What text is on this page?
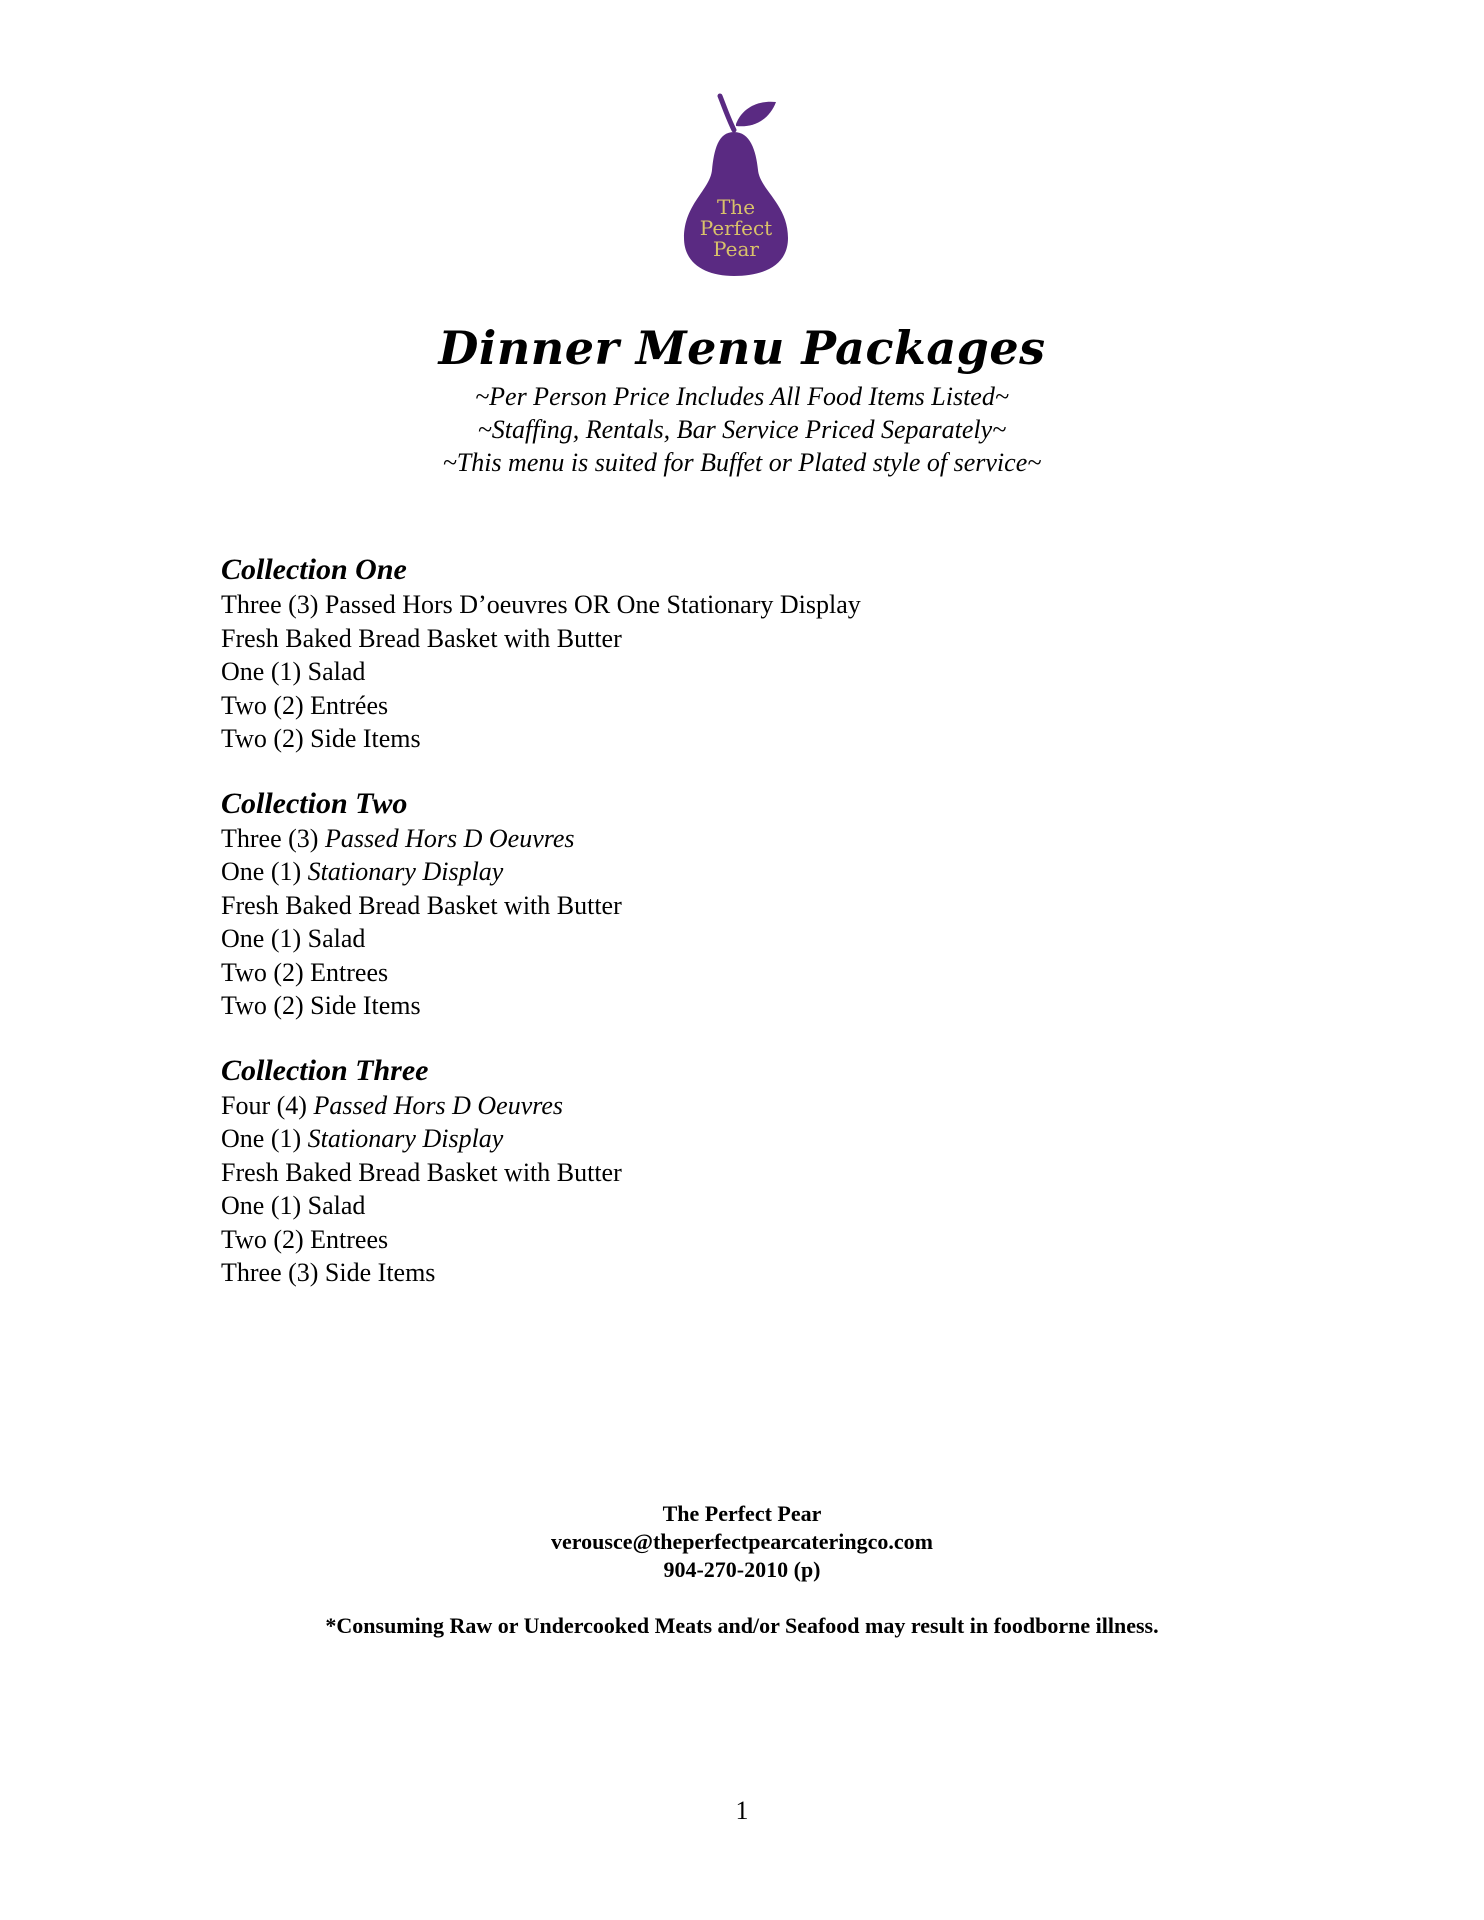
The
Perfect
Pear
Dinner Menu Packages
~Per Person Price Includes All Food Items Listed~
~Staffing, Rentals, Bar Service Priced Separately~
~This menu is suited for Buffet or Plated style of service~
Collection One
Three (3) Passed Hors D’oeuvres OR One Stationary Display
Fresh Baked Bread Basket with Butter
One (1) Salad
Two (2) Entrées
Two (2) Side Items
Collection Two
Three (3) Passed Hors D Oeuvres
One (1) Stationary Display
Fresh Baked Bread Basket with Butter
One (1) Salad
Two (2) Entrees
Two (2) Side Items
Collection Three
Four (4) Passed Hors D Oeuvres
One (1) Stationary Display
Fresh Baked Bread Basket with Butter
One (1) Salad
Two (2) Entrees
Three (3) Side Items
The Perfect Pear
verousce@theperfectpearcateringco.com
904-270-2010 (p)
*Consuming Raw or Undercooked Meats and/or Seafood may result in foodborne illness.
1
